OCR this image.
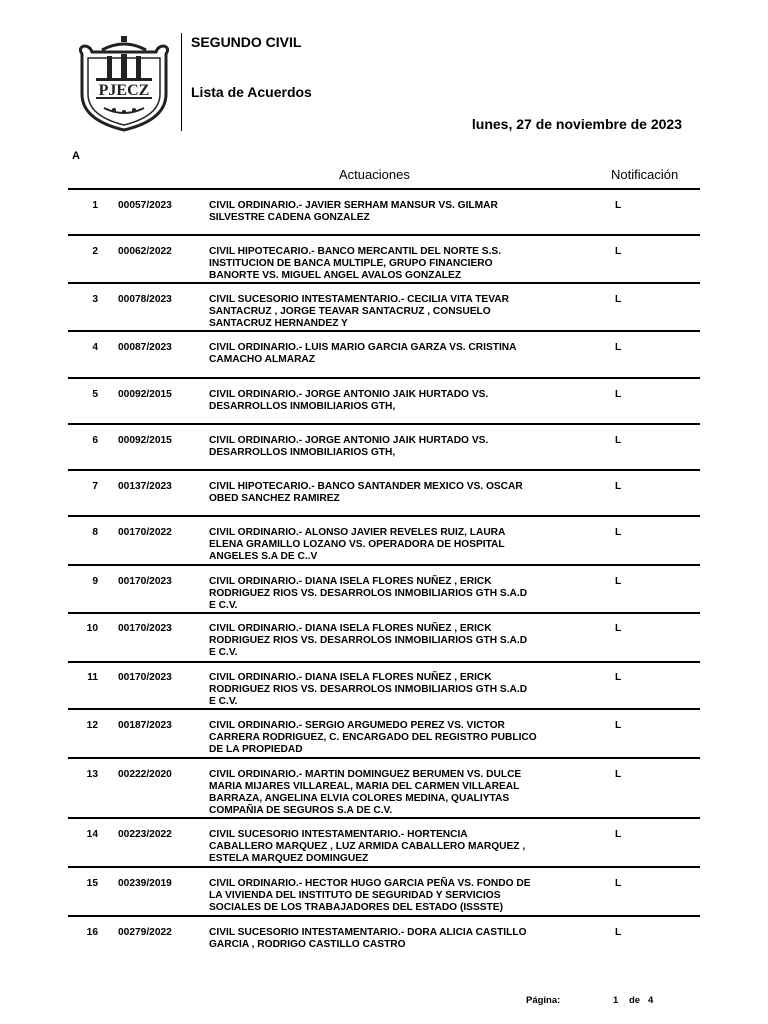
PJECZ
SEGUNDO CIVIL
Lista de Acuerdos
lunes, 27 de noviembre de 2023
A
Actuaciones	Notificación
1 00057/2023	CIVIL ORDINARIO.- JAVIER SERHAM MANSUR VS. GILMAR
SILVESTRE CADENA GONZALEZ
L
2 00062/2022	CIVIL HIPOTECARIO.- BANCO MERCANTIL DEL NORTE S.S.
INSTITUCION DE BANCA MULTIPLE, GRUPO FINANCIERO
BANORTE VS. MIGUEL ANGEL AVALOS GONZALEZ
L
3 00078/2023	CIVIL SUCESORIO INTESTAMENTARIO.- CECILIA VITA TEVAR
SANTACRUZ , JORGE TEAVAR SANTACRUZ , CONSUELO
SANTACRUZ HERNANDEZ Y
L
4 00087/2023	CIVIL ORDINARIO.- LUIS MARIO GARCIA GARZA VS. CRISTINA
CAMACHO ALMARAZ
L
5 00092/2015	CIVIL ORDINARIO.- JORGE ANTONIO JAIK HURTADO VS.
DESARROLLOS INMOBILIARIOS GTH,
L
6 00092/2015	CIVIL ORDINARIO.- JORGE ANTONIO JAIK HURTADO VS.
DESARROLLOS INMOBILIARIOS GTH,
L
7 00137/2023	CIVIL HIPOTECARIO.- BANCO SANTANDER MEXICO VS. OSCAR
OBED SANCHEZ RAMIREZ
L
8 00170/2022	CIVIL ORDINARIO.- ALONSO JAVIER REVELES RUIZ, LAURA
ELENA GRAMILLO LOZANO VS. OPERADORA DE HOSPITAL
ANGELES S.A DE C..V
L
9 00170/2023	CIVIL ORDINARIO.- DIANA ISELA FLORES NUÑEZ , ERICK
RODRIGUEZ RIOS VS. DESARROLOS INMOBILIARIOS GTH S.A.D
E C.V.
L
10 00170/2023	CIVIL ORDINARIO.- DIANA ISELA FLORES NUÑEZ , ERICK
RODRIGUEZ RIOS VS. DESARROLOS INMOBILIARIOS GTH S.A.D
E C.V.
L
11 00170/2023	CIVIL ORDINARIO.- DIANA ISELA FLORES NUÑEZ , ERICK
RODRIGUEZ RIOS VS. DESARROLOS INMOBILIARIOS GTH S.A.D
E C.V.
L
12 00187/2023	CIVIL ORDINARIO.- SERGIO ARGUMEDO PEREZ VS. VICTOR
CARRERA RODRIGUEZ, C. ENCARGADO DEL REGISTRO PUBLICO
DE LA PROPIEDAD
L
13 00222/2020	CIVIL ORDINARIO.- MARTIN DOMINGUEZ BERUMEN VS. DULCE
MARIA MIJARES VILLAREAL, MARIA DEL CARMEN VILLAREAL
BARRAZA, ANGELINA ELVIA COLORES MEDINA, QUALIYTAS
COMPAÑIA DE SEGUROS S.A DE C.V.
L
14 00223/2022	CIVIL SUCESORIO INTESTAMENTARIO.- HORTENCIA
CABALLERO MARQUEZ , LUZ ARMIDA CABALLERO MARQUEZ ,
ESTELA MARQUEZ DOMINGUEZ
L
15 00239/2019	CIVIL ORDINARIO.- HECTOR HUGO GARCIA PEÑA VS. FONDO DE
LA VIVIENDA DEL INSTITUTO DE SEGURIDAD Y SERVICIOS
SOCIALES DE LOS TRABAJADORES DEL ESTADO (ISSSTE)
L
16 00279/2022	CIVIL SUCESORIO INTESTAMENTARIO.- DORA ALICIA CASTILLO
GARCIA , RODRIGO CASTILLO CASTRO
L
Página:	1 de 4
